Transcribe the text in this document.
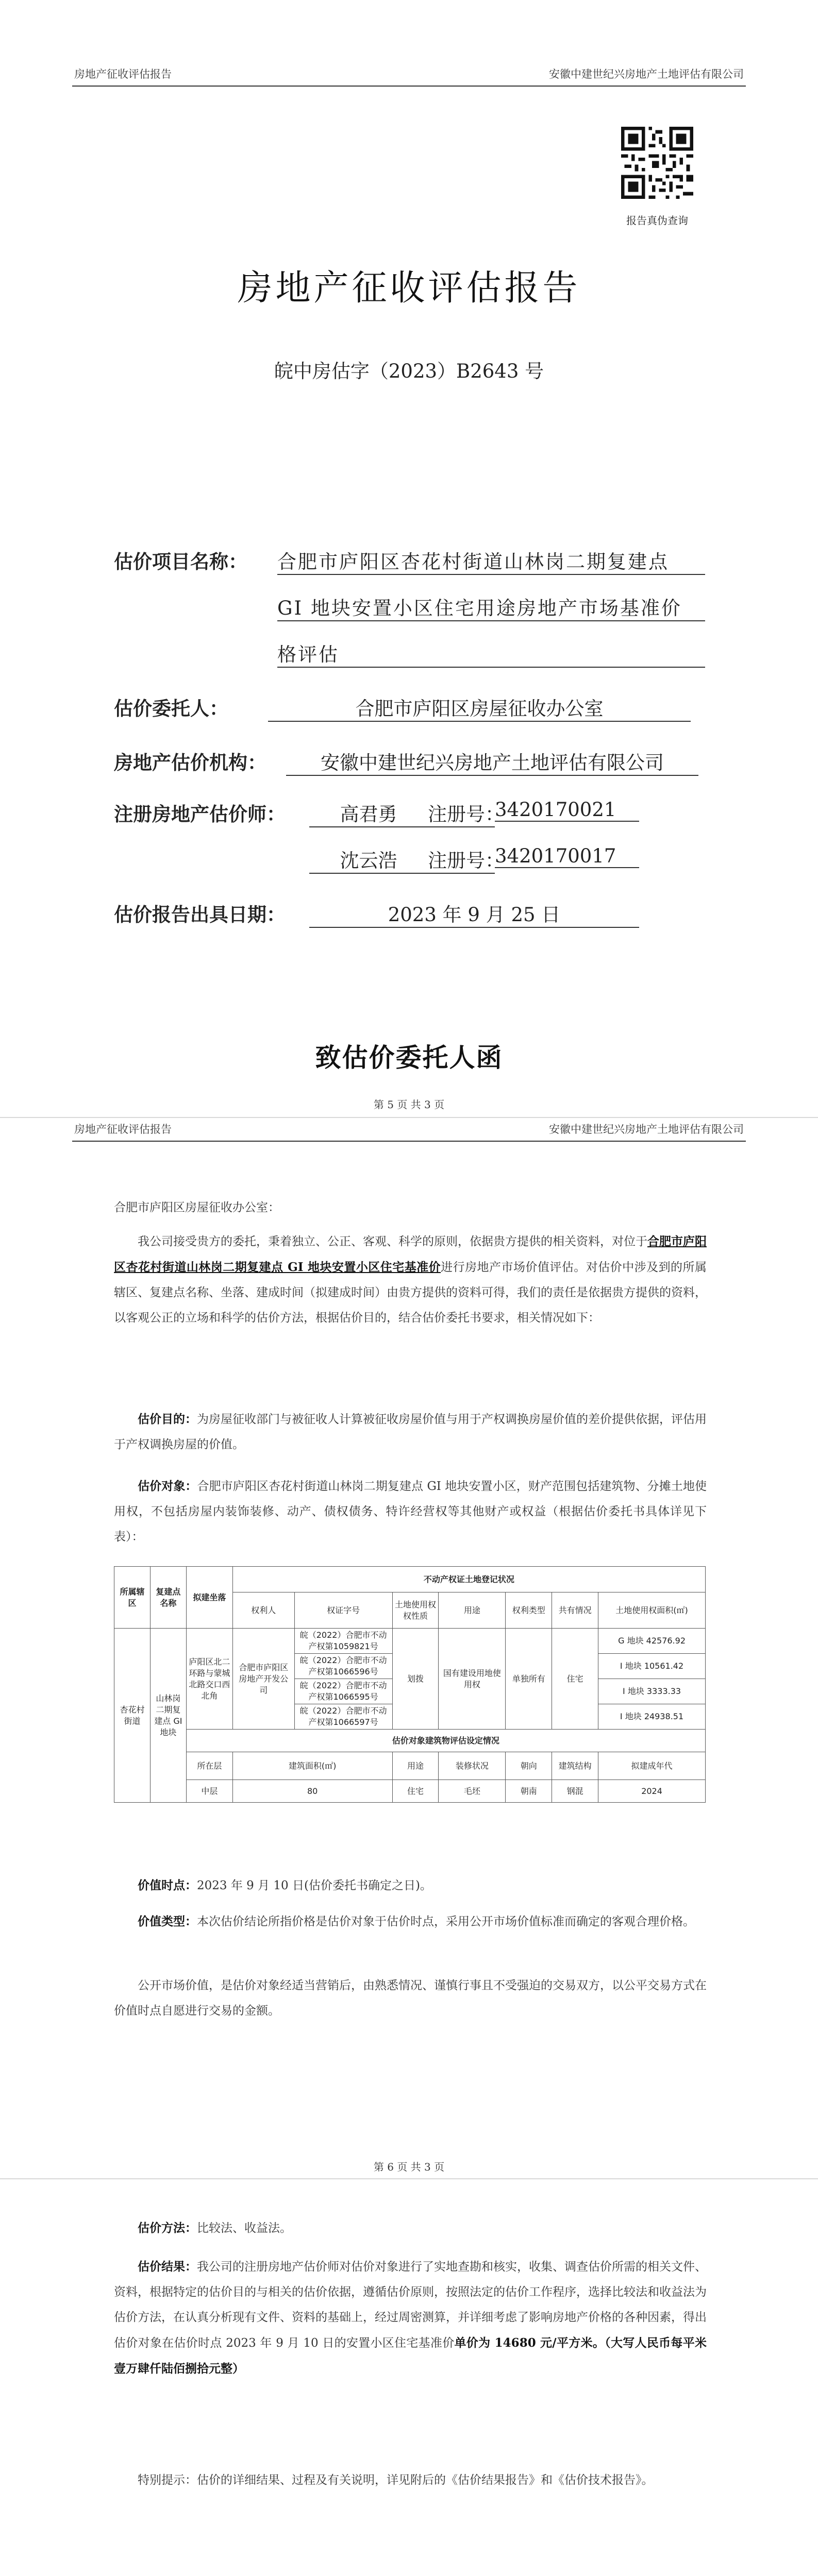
房地产征收评估报告	安徽中建世纪兴房地产土地评估有限公司
报告真伪查询
房地产征收评估报告
皖中房估字（2023）B2643 号
估价项目名称： 合肥市庐阳区杏花村街道山林岗二期复建点
GI 地块安置小区住宅用途房地产市场基准价
格评估
估价委托人：	合肥市庐阳区房屋征收办公室
房地产估价机构：	安徽中建世纪兴房地产土地评估有限公司
注册房地产估价师：	高君勇	注册号：
3420170021
沈云浩	注册号：
3420170017
估价报告出具日期：	2023 年 9 月 25 日
致估价委托人函
第 5 页 共 3 页
房地产征收评估报告	安徽中建世纪兴房地产土地评估有限公司
合肥市庐阳区房屋征收办公室：
我公司接受贵方的委托，秉着独立、公正、客观、科学的原则，依据贵方提供的相关资料，对位于合肥市庐阳区杏花村街道山林岗二期复建点 GI 地块安置小区住宅基准价进行房地产市场价值评估。对估价中涉及到的所属辖区、复建点名称、坐落、建成时间（拟建成时间）由贵方提供的资料可得，我们的责任是依据贵方提供的资料，以客观公正的立场和科学的估价方法，根据估价目的，结合估价委托书要求，相关情况如下：
估价目的：为房屋征收部门与被征收人计算被征收房屋价值与用于产权调换房屋价值的差价提供依据，评估用于产权调换房屋的价值。
估价对象：合肥市庐阳区杏花村街道山林岗二期复建点 GI 地块安置小区，财产范围包括建筑物、分摊土地使用权，不包括房屋内装饰装修、动产、债权债务、特许经营权等其他财产或权益（根据估价委托书具体详见下表）：
所属辖区	复建点名称	拟建坐落	不动产权证土地登记状况						
			权利人	权证字号	土地使用权权性质	用途	权利类型	共有情况	土地使用权面积(㎡)
杏花村街道	山林岗二期复建点 GI 地块	庐阳区北二环路与蒙城北路交口西北角	合肥市庐阳区房地产开发公司	皖（2022）合肥市不动产权第1059821号	划拨	国有建设用地使用权	单独所有	住宅	G 地块 42576.92
				皖（2022）合肥市不动产权第1066596号					I 地块 10561.42
				皖（2022）合肥市不动产权第1066595号					I 地块 3333.33
				皖（2022）合肥市不动产权第1066597号					I 地块 24938.51
		估价对象建筑物评估设定情况							
		所在层	建筑面积(㎡)		用途	装修状况	朝向	建筑结构	拟建成年代
		中层	80		住宅	毛坯	朝南	钢混	2024
价值时点：2023 年 9 月 10 日(估价委托书确定之日)。
价值类型：本次估价结论所指价格是估价对象于估价时点，采用公开市场价值标准而确定的客观合理价格。
公开市场价值，是估价对象经适当营销后，由熟悉情况、谨慎行事且不受强迫的交易双方，以公平交易方式在价值时点自愿进行交易的金额。
第 6 页 共 3 页
估价方法：比较法、收益法。
估价结果：我公司的注册房地产估价师对估价对象进行了实地查勘和核实，收集、调查估价所需的相关文件、资料，根据特定的估价目的与相关的估价依据，遵循估价原则，按照法定的估价工作程序，选择比较法和收益法为估价方法，在认真分析现有文件、资料的基础上，经过周密测算，并详细考虑了影响房地产价格的各种因素，得出估价对象在估价时点 2023 年 9 月 10 日的安置小区住宅基准价单价为 14680 元/平方米。（大写人民币每平米壹万肆仟陆佰捌拾元整）
特别提示：估价的详细结果、过程及有关说明，详见附后的《估价结果报告》和《估价技术报告》。
